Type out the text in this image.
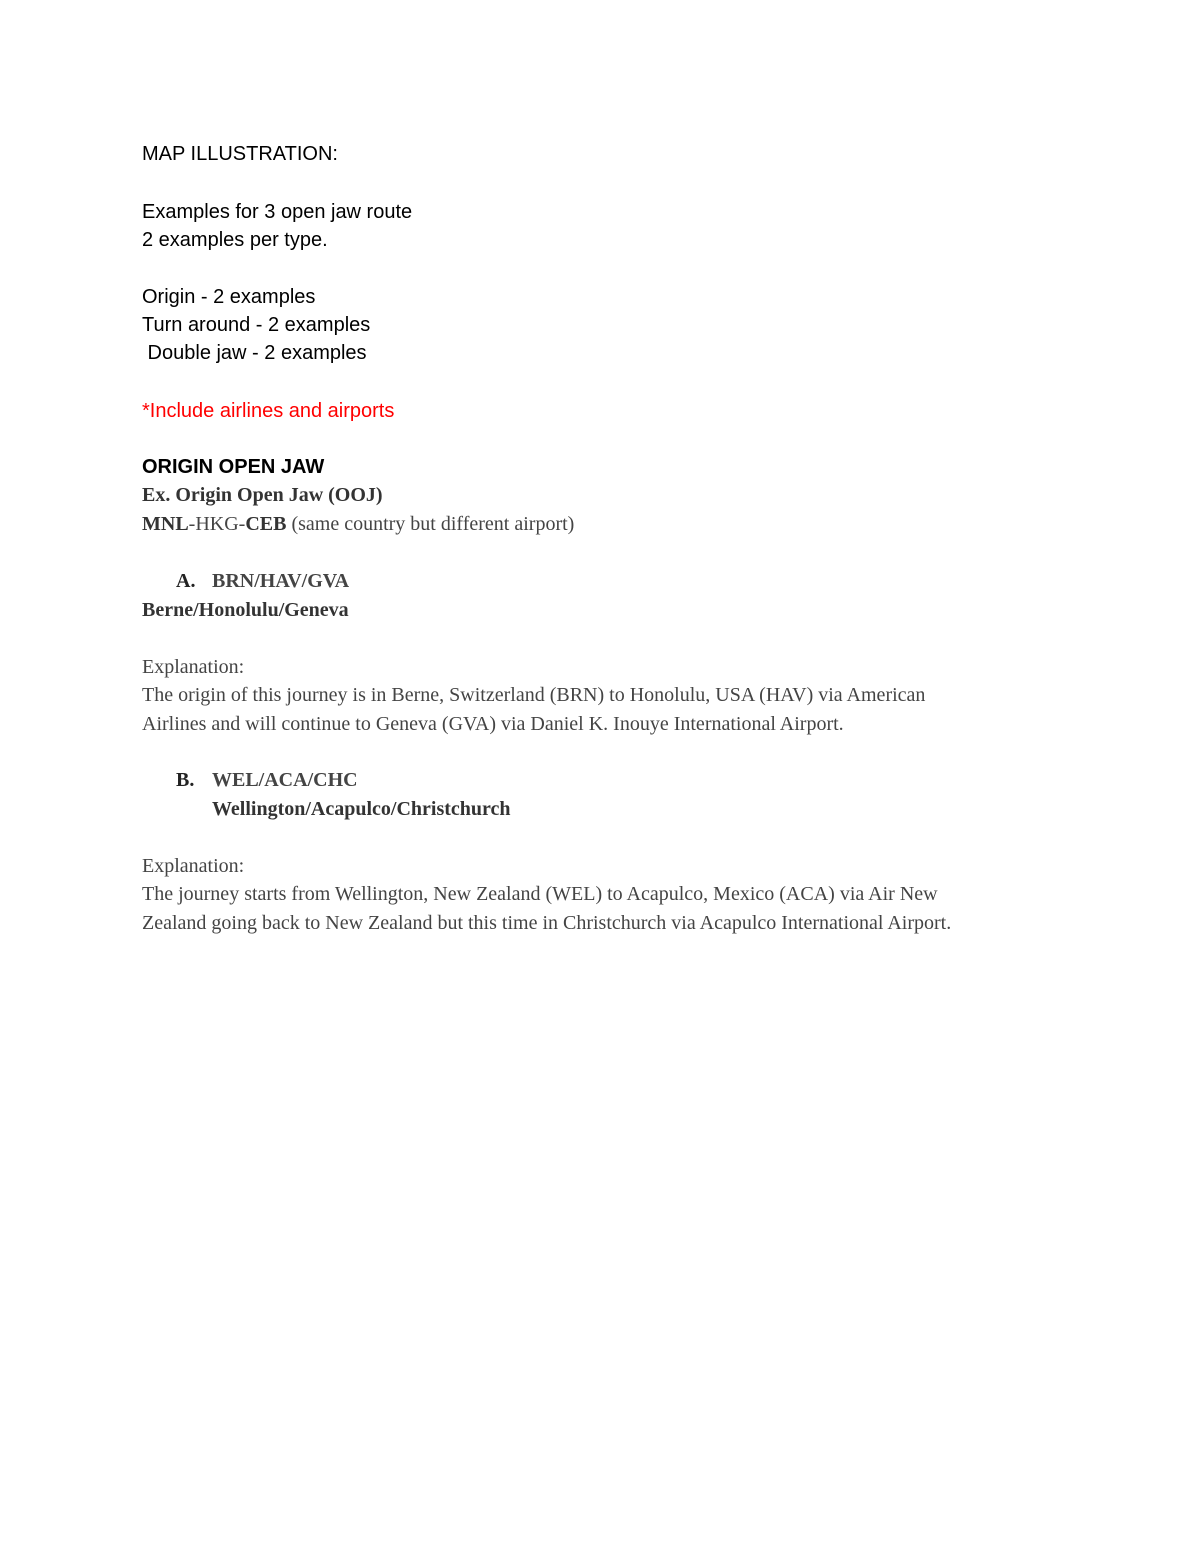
MAP ILLUSTRATION:
Examples for 3 open jaw route
2 examples per type.
Origin - 2 examples
Turn around - 2 examples
Double jaw - 2 examples
*Include airlines and airports
ORIGIN OPEN JAW
Ex. Origin Open Jaw (OOJ)
MNL-HKG-CEB (same country but different airport)
A. BRN/HAV/GVA
Berne/Honolulu/Geneva
Explanation:
The origin of this journey is in Berne, Switzerland (BRN) to Honolulu, USA (HAV) via American
Airlines and will continue to Geneva (GVA) via Daniel K. Inouye International Airport.
B. WEL/ACA/CHC
Wellington/Acapulco/Christchurch
Explanation:
The journey starts from Wellington, New Zealand (WEL) to Acapulco, Mexico (ACA) via Air New
Zealand going back to New Zealand but this time in Christchurch via Acapulco International Airport.
